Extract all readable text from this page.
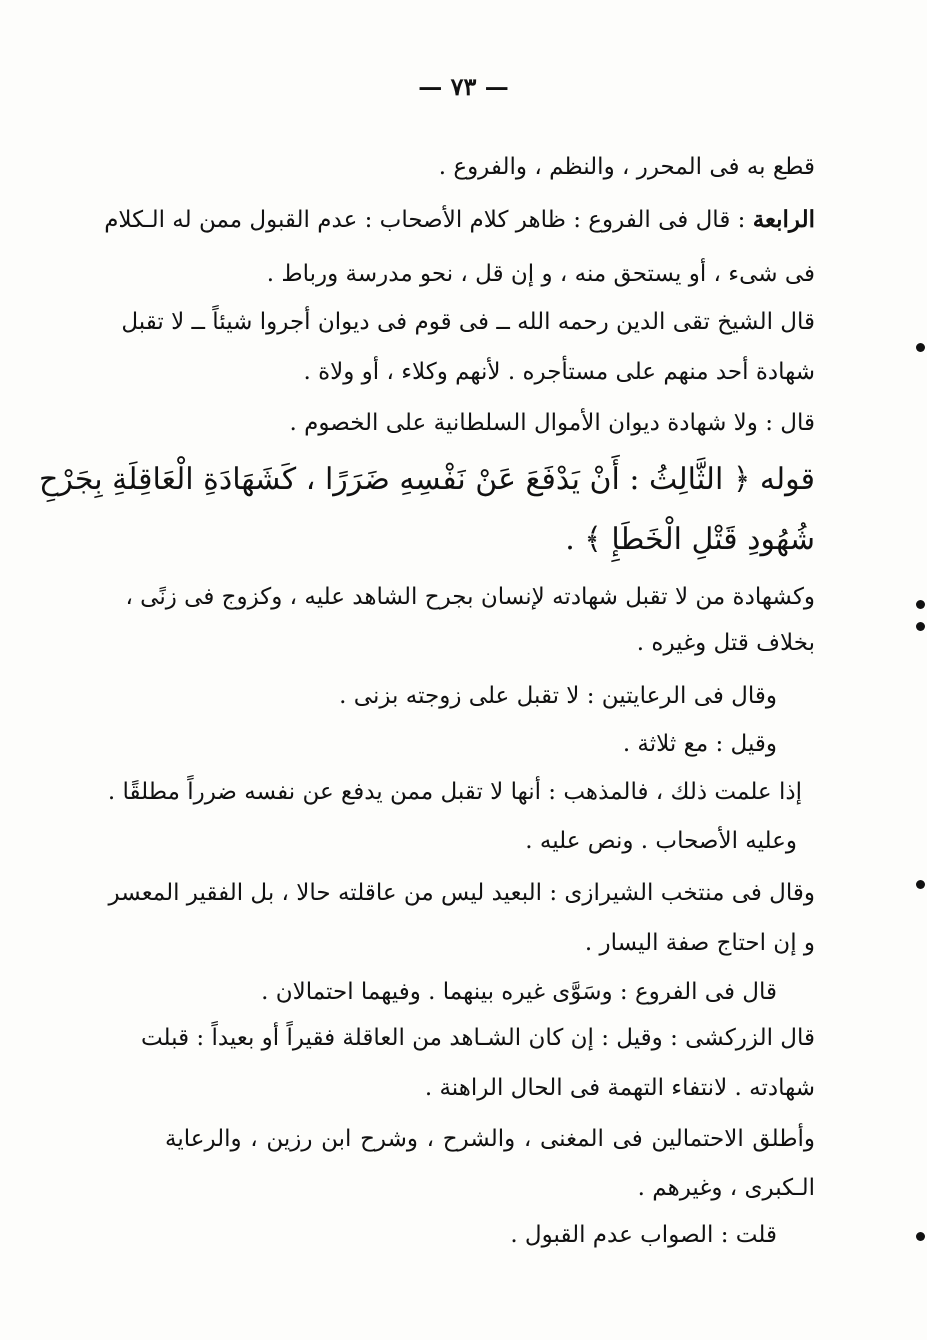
— ٧٣ —
قطع به فى المحرر ، والنظم ، والفروع .
الرابعة : قال فى الفروع : ظاهر كلام الأصحاب : عدم القبول ممن له الـكلام
فى شىء ، أو يستحق منه ، و إن قل ، نحو مدرسة ورباط .
قال الشيخ تقى الدين رحمه الله ــ فى قوم فى ديوان أجروا شيئاً ــ لا تقبل
شهادة أحد منهم على مستأجره . لأنهم وكلاء ، أو ولاة .
قال : ولا شهادة ديوان الأموال السلطانية على الخصوم .
قوله ﴿ الثَّالِثُ : أَنْ يَدْفَعَ عَنْ نَفْسِهِ ضَرَرًا ، كَشَهَادَةِ الْعَاقِلَةِ بِجَرْحِ
شُهُودِ قَتْلِ الْخَطَإِ ﴾ .
وكشهادة من لا تقبل شهادته لإنسان بجرح الشاهد عليه ، وكزوج فى زنًى ،
بخلاف قتل وغيره .
وقال فى الرعايتين : لا تقبل على زوجته بزنى .
وقيل : مع ثلاثة .
إذا علمت ذلك ، فالمذهب : أنها لا تقبل ممن يدفع عن نفسه ضرراً مطلقًا .
وعليه الأصحاب . ونص عليه .
وقال فى منتخب الشيرازى : البعيد ليس من عاقلته حالا ، بل الفقير المعسر
و إن احتاج صفة اليسار .
قال فى الفروع : وسَوَّى غيره بينهما . وفيهما احتمالان .
قال الزركشى : وقيل : إن كان الشـاهد من العاقلة فقيراً أو بعيداً : قبلت
شهادته . لانتفاء التهمة فى الحال الراهنة .
وأطلق الاحتمالين فى المغنى ، والشرح ، وشرح ابن رزين ، والرعاية
الـكبرى ، وغيرهم .
قلت : الصواب عدم القبول .
